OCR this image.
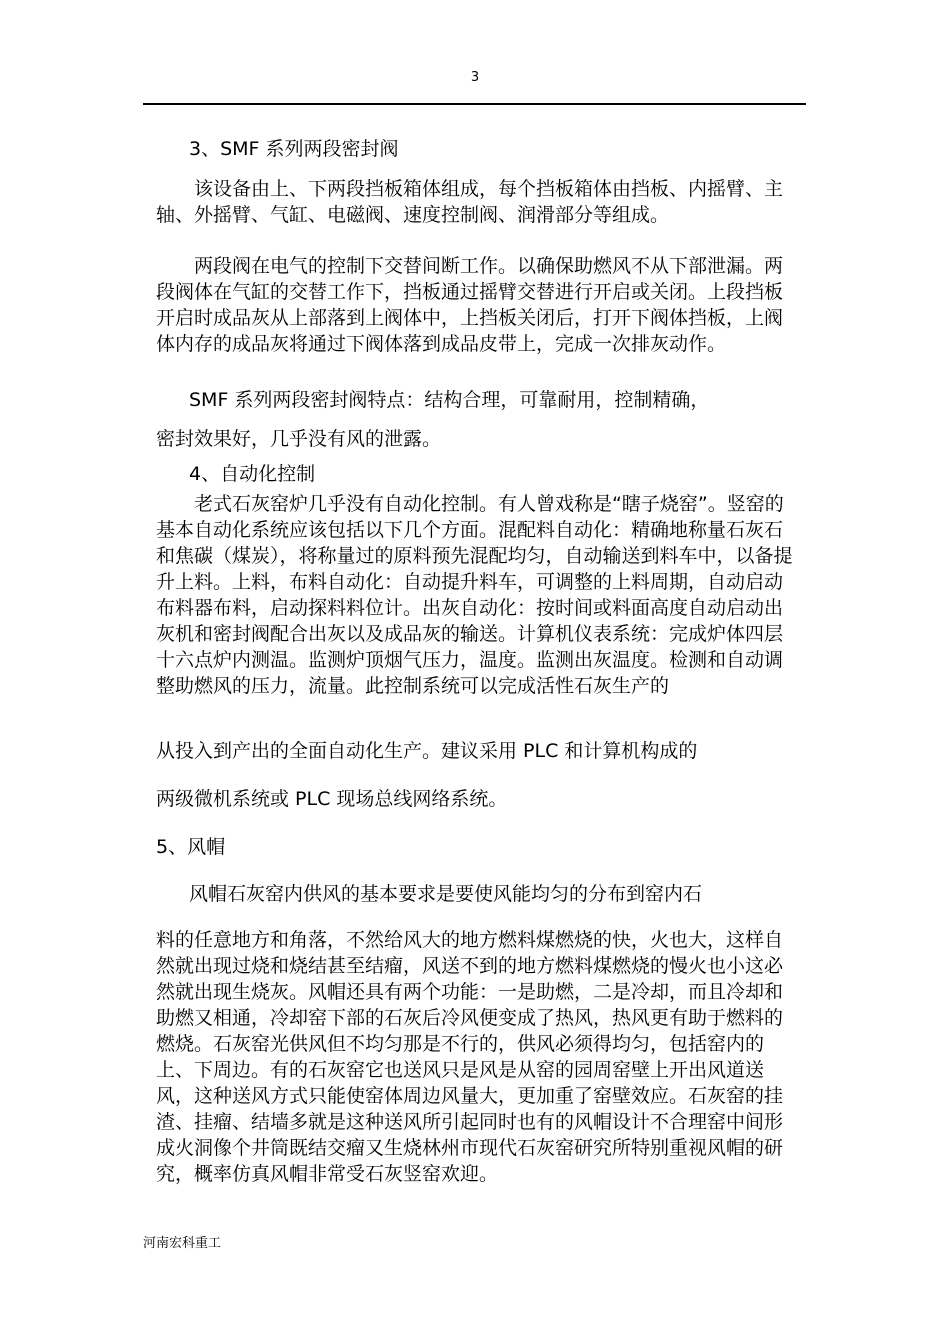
3

3、SMF 系列两段密封阀

该设备由上、下两段挡板箱体组成，每个挡板箱体由挡板、内摇臂、主轴、外摇臂、气缸、电磁阀、速度控制阀、润滑部分等组成。

两段阀在电气的控制下交替间断工作。以确保助燃风不从下部泄漏。两段阀体在气缸的交替工作下，挡板通过摇臂交替进行开启或关闭。上段挡板开启时成品灰从上部落到上阀体中，上挡板关闭后，打开下阀体挡板，上阀体内存的成品灰将通过下阀体落到成品皮带上，完成一次排灰动作。

SMF 系列两段密封阀特点：结构合理，可靠耐用，控制精确，

密封效果好，几乎没有风的泄露。

4、自动化控制

老式石灰窑炉几乎没有自动化控制。有人曾戏称是“瞎子烧窑”。竖窑的基本自动化系统应该包括以下几个方面。混配料自动化：精确地称量石灰石和焦碳（煤炭），将称量过的原料预先混配均匀，自动输送到料车中，以备提升上料。上料，布料自动化：自动提升料车，可调整的上料周期，自动启动布料器布料，启动探料料位计。出灰自动化：按时间或料面高度自动启动出灰机和密封阀配合出灰以及成品灰的输送。计算机仪表系统：完成炉体四层十六点炉内测温。监测炉顶烟气压力，温度。监测出灰温度。检测和自动调整助燃风的压力，流量。此控制系统可以完成活性石灰生产的

从投入到产出的全面自动化生产。建议采用 PLC 和计算机构成的

两级微机系统或 PLC 现场总线网络系统。

5、风帽

风帽石灰窑内供风的基本要求是要使风能均匀的分布到窑内石

料的任意地方和角落，不然给风大的地方燃料煤燃烧的快，火也大，这样自然就出现过烧和烧结甚至结瘤，风送不到的地方燃料煤燃烧的慢火也小这必然就出现生烧灰。风帽还具有两个功能：一是助燃，二是冷却，而且冷却和助燃又相通，冷却窑下部的石灰后冷风便变成了热风，热风更有助于燃料的燃烧。石灰窑光供风但不均匀那是不行的，供风必须得均匀，包括窑内的上、下周边。有的石灰窑它也送风只是风是从窑的园周窑壁上开出风道送风，这种送风方式只能使窑体周边风量大，更加重了窑壁效应。石灰窑的挂渣、挂瘤、结墙多就是这种送风所引起同时也有的风帽设计不合理窑中间形成火洞像个井筒既结交瘤又生烧林州市现代石灰窑研究所特别重视风帽的研究，概率仿真风帽非常受石灰竖窑欢迎。

河南宏科重工
